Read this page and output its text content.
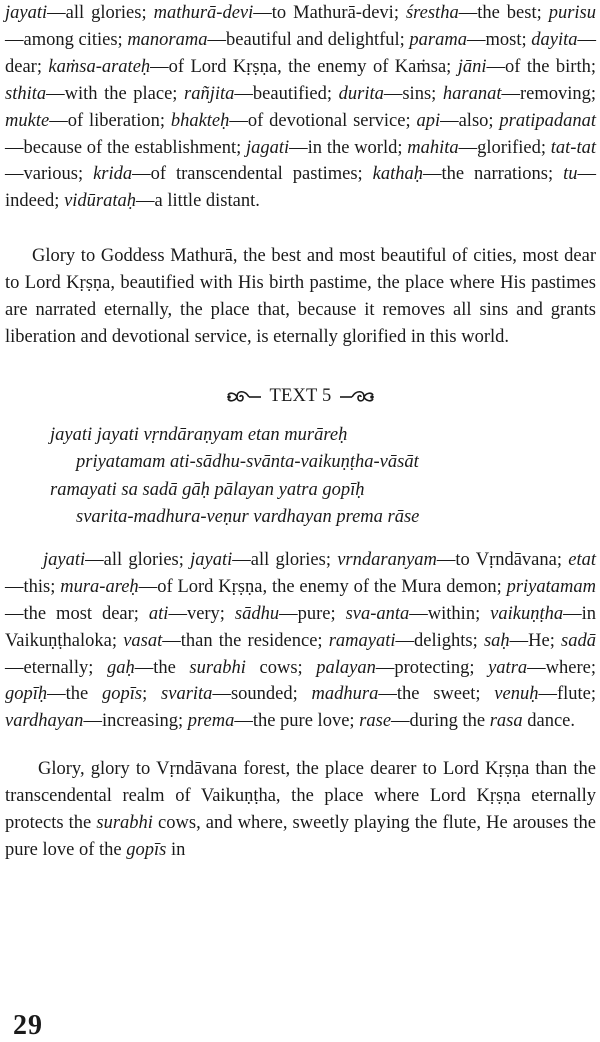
jayati—all glories; mathurā-devi—to Mathurā-devi; śrestha—the best; purisu—among cities; manorama—beautiful and delightful; parama—most; dayita—dear; kaṁsa-arateḥ—of Lord Kṛṣṇa, the enemy of Kaṁsa; jāni—of the birth; sthita—with the place; rañjita—beautified; durita—sins; haranat—removing; mukte—of liberation; bhakteḥ—of devotional service; api—also; pratipadanat—because of the establishment; jagati—in the world; mahita—glorified; tat-tat—various; krida—of transcendental pastimes; kathaḥ—the narrations; tu—indeed; vidūrataḥ—a little distant.

Glory to Goddess Mathurā, the best and most beautiful of cities, most dear to Lord Kṛṣṇa, beautified with His birth pastime, the place where His pastimes are narrated eternally, the place that, because it removes all sins and grants liberation and devotional service, is eternally glorified in this world.

TEXT 5
jayati jayati vṛndāraṇyam etan murāreḥ
priyatamam ati-sādhu-svānta-vaikuṇṭha-vāsāt
ramayati sa sadā gāḥ pālayan yatra gopīḥ
svarita-madhura-veṇur vardhayan prema rāse

jayati—all glories; jayati—all glories; vrndaranyam—to Vṛndāvana; etat—this; mura-areḥ—of Lord Kṛṣṇa, the enemy of the Mura demon; priyatamam—the most dear; ati—very; sādhu—pure; sva-anta—within; vaikuṇṭha—in Vaikuṇṭhaloka; vasat—than the residence; ramayati—delights; saḥ—He; sadā—eternally; gaḥ—the surabhi cows; palayan—protecting; yatra—where; gopīḥ—the gopīs; svarita—sounded; madhura—the sweet; venuḥ—flute; vardhayan—increasing; prema—the pure love; rase—during the rasa dance.

Glory, glory to Vṛndāvana forest, the place dearer to Lord Kṛṣṇa than the transcendental realm of Vaikuṇṭha, the place where Lord Kṛṣṇa eternally protects the surabhi cows, and where, sweetly playing the flute, He arouses the pure love of the gopīs in

29
